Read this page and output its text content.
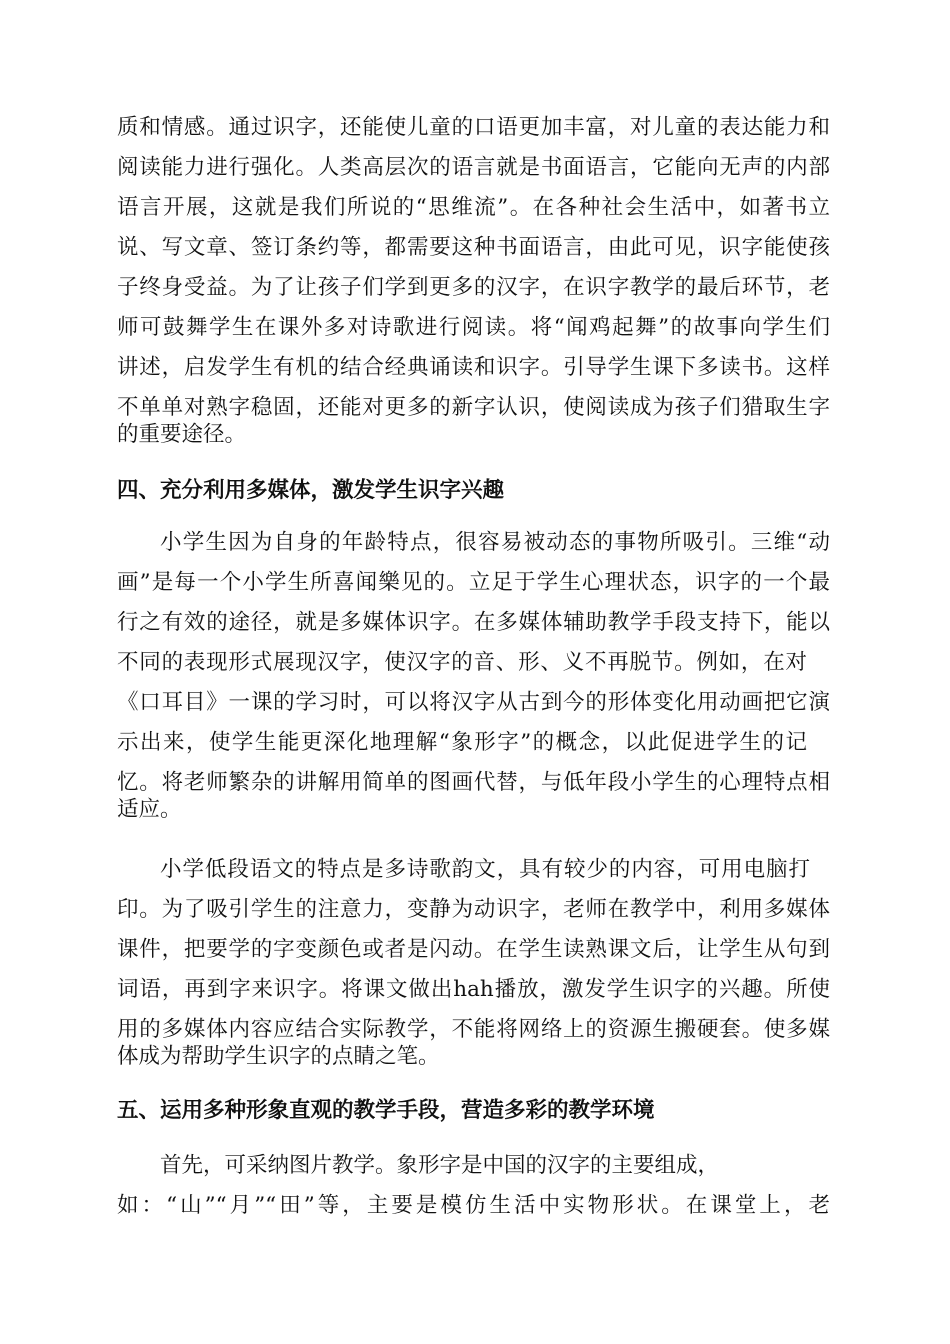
质和情感。通过识字，还能使儿童的口语更加丰富，对儿童的表达能力和
阅读能力进行强化。人类高层次的语言就是书面语言，它能向无声的内部
语言开展，这就是我们所说的“思维流”。在各种社会生活中，如著书立
说、写文章、签订条约等，都需要这种书面语言，由此可见，识字能使孩
子终身受益。为了让孩子们学到更多的汉字，在识字教学的最后环节，老
师可鼓舞学生在课外多对诗歌进行阅读。将“闻鸡起舞”的故事向学生们
讲述，启发学生有机的结合经典诵读和识字。引导学生课下多读书。这样
不单单对熟字稳固，还能对更多的新字认识，使阅读成为孩子们猎取生字
的重要途径。
四、充分利用多媒体，激发学生识字兴趣
小学生因为自身的年龄特点，很容易被动态的事物所吸引。三维“动
画”是每一个小学生所喜闻樂见的。立足于学生心理状态，识字的一个最
行之有效的途径，就是多媒体识字。在多媒体辅助教学手段支持下，能以
不同的表现形式展现汉字，使汉字的音、形、义不再脱节。例如，在对
《口耳目》一课的学习时，可以将汉字从古到今的形体变化用动画把它演
示出来，使学生能更深化地理解“象形字”的概念，以此促进学生的记
忆。将老师繁杂的讲解用简单的图画代替，与低年段小学生的心理特点相
适应。
小学低段语文的特点是多诗歌韵文，具有较少的内容，可用电脑打
印。为了吸引学生的注意力，变静为动识字，老师在教学中，利用多媒体
课件，把要学的字变颜色或者是闪动。在学生读熟课文后，让学生从句到
词语，再到字来识字。将课文做出hah播放，激发学生识字的兴趣。所使
用的多媒体内容应结合实际教学，不能将网络上的资源生搬硬套。使多媒
体成为帮助学生识字的点睛之笔。
五、运用多种形象直观的教学手段，营造多彩的教学环境
首先，可采纳图片教学。象形字是中国的汉字的主要组成，
如：“山”“月”“田”等，主要是模仿生活中实物形状。在课堂上，老
